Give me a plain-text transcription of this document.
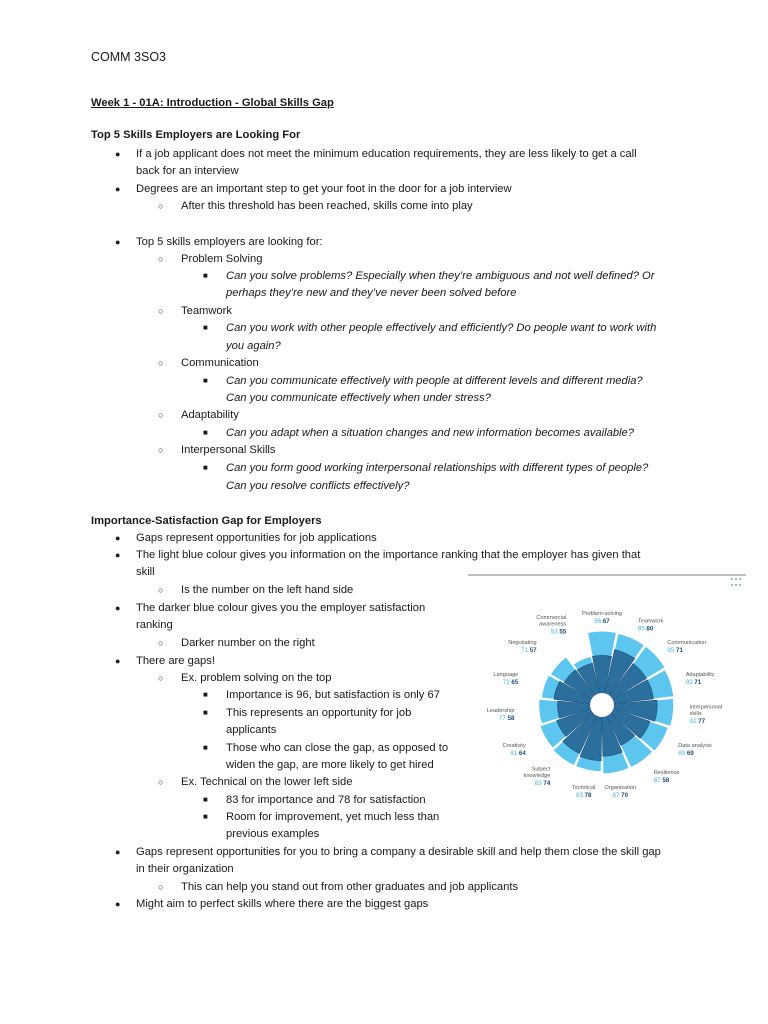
COMM 3SO3
Week 1 - 01A: Introduction - Global Skills Gap
Top 5 Skills Employers are Looking For
● If a job applicant does not meet the minimum education requirements, they are less likely to get a call
back for an interview
● Degrees are an important step to get your foot in the door for a job interview
○ After this threshold has been reached, skills come into play
● Top 5 skills employers are looking for:
○ Problem Solving
■ Can you solve problems? Especially when they’re ambiguous and not well defined? Or
perhaps they’re new and they’ve never been solved before
○ Teamwork
■ Can you work with other people effectively and efficiently? Do people want to work with
you again?
○ Communication
■ Can you communicate effectively with people at different levels and different media?
Can you communicate effectively when under stress?
○ Adaptability
■ Can you adapt when a situation changes and new information becomes available?
○ Interpersonal Skills
■ Can you form good working interpersonal relationships with different types of people?
Can you resolve conflicts effectively?
Importance-Satisfaction Gap for Employers
● Gaps represent opportunities for job applications
● The light blue colour gives you information on the importance ranking that the employer has given that
skill
○ Is the number on the left hand side
● The darker blue colour gives you the employer satisfaction
ranking
○ Darker number on the right
● There are gaps!
○ Ex. problem solving on the top
■ Importance is 96, but satisfaction is only 67
■ This represents an opportunity for job
applicants
■ Those who can close the gap, as opposed to
widen the gap, are more likely to get hired
○ Ex. Technical on the lower left side
■ 83 for importance and 78 for satisfaction
■ Room for improvement, yet much less than
previous examples
● Gaps represent opportunities for you to bring a company a desirable skill and help them close the skill gap
in their organization
○ This can help you stand out from other graduates and job applicants
● Might aim to perfect skills where there are the biggest gaps
Problem-solving
96 67	Teamwork
95 80
Communication
95 71
Adaptability
93 71
Interpersonal
skills
92 77
Data analysis
89 69
Resilience
87 58
Organisation
87 70
Technical
83 78
Subject
knowledge
83 74
Creativity
81 64
Leadership
77 58
Language
73 65
Negotiating
71 57
Commercial
awareness
53 55
